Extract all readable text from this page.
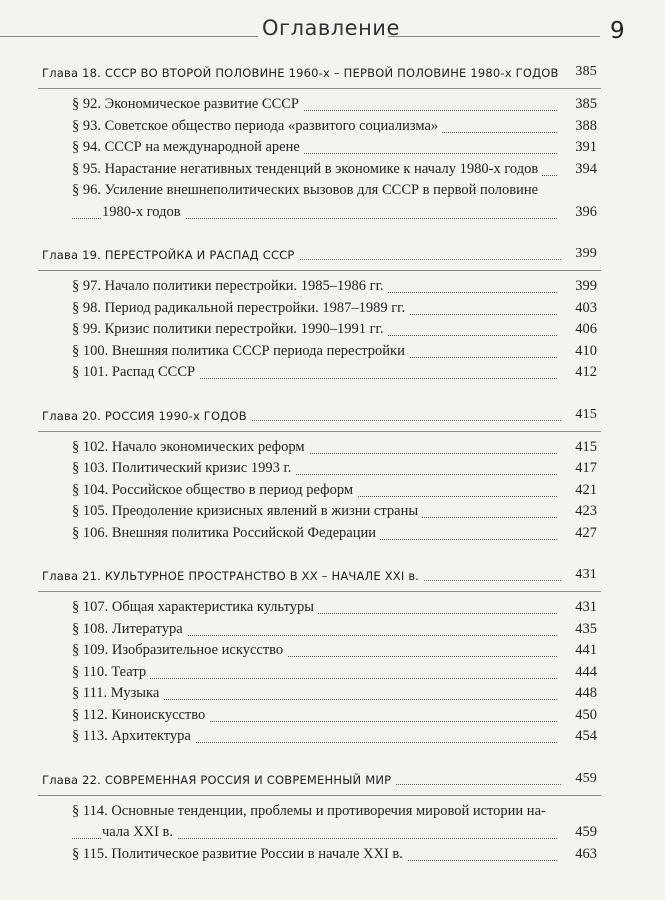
Оглавление	9
Глава 18. СССР ВО ВТОРОЙ ПОЛОВИНЕ 1960-х – ПЕРВОЙ ПОЛОВИНЕ 1980-х ГОДОВ 385
§ 92. Экономическое развитие СССР	385
§ 93. Советское общество периода «развитого социализма»	388
§ 94. СССР на международной арене	391
§ 95. Нарастание негативных тенденций в экономике к началу 1980-х годов	394
§ 96. Усиление внешнеполитических вызовов для СССР в первой половине
1980-х годов	396
Глава 19. ПЕРЕСТРОЙКА И РАСПАД СССР	399
§ 97. Начало политики перестройки. 1985–1986 гг.	399
§ 98. Период радикальной перестройки. 1987–1989 гг.	403
§ 99. Кризис политики перестройки. 1990–1991 гг.	406
§ 100. Внешняя политика СССР периода перестройки	410
§ 101. Распад СССР	412
Глава 20. РОССИЯ 1990-х ГОДОВ	415
§ 102. Начало экономических реформ	415
§ 103. Политический кризис 1993 г.	417
§ 104. Российское общество в период реформ	421
§ 105. Преодоление кризисных явлений в жизни страны	423
§ 106. Внешняя политика Российской Федерации	427
Глава 21. КУЛЬТУРНОЕ ПРОСТРАНСТВО В ХХ – НАЧАЛЕ XXI в.	431
§ 107. Общая характеристика культуры	431
§ 108. Литература	435
§ 109. Изобразительное искусство	441
§ 110. Театр	444
§ 111. Музыка	448
§ 112. Киноискусство	450
§ 113. Архитектура	454
Глава 22. СОВРЕМЕННАЯ РОССИЯ И СОВРЕМЕННЫЙ МИР	459
§ 114. Основные тенденции, проблемы и противоречия мировой истории на-
чала XXI в.	459
§ 115. Политическое развитие России в начале XXI в.	463
